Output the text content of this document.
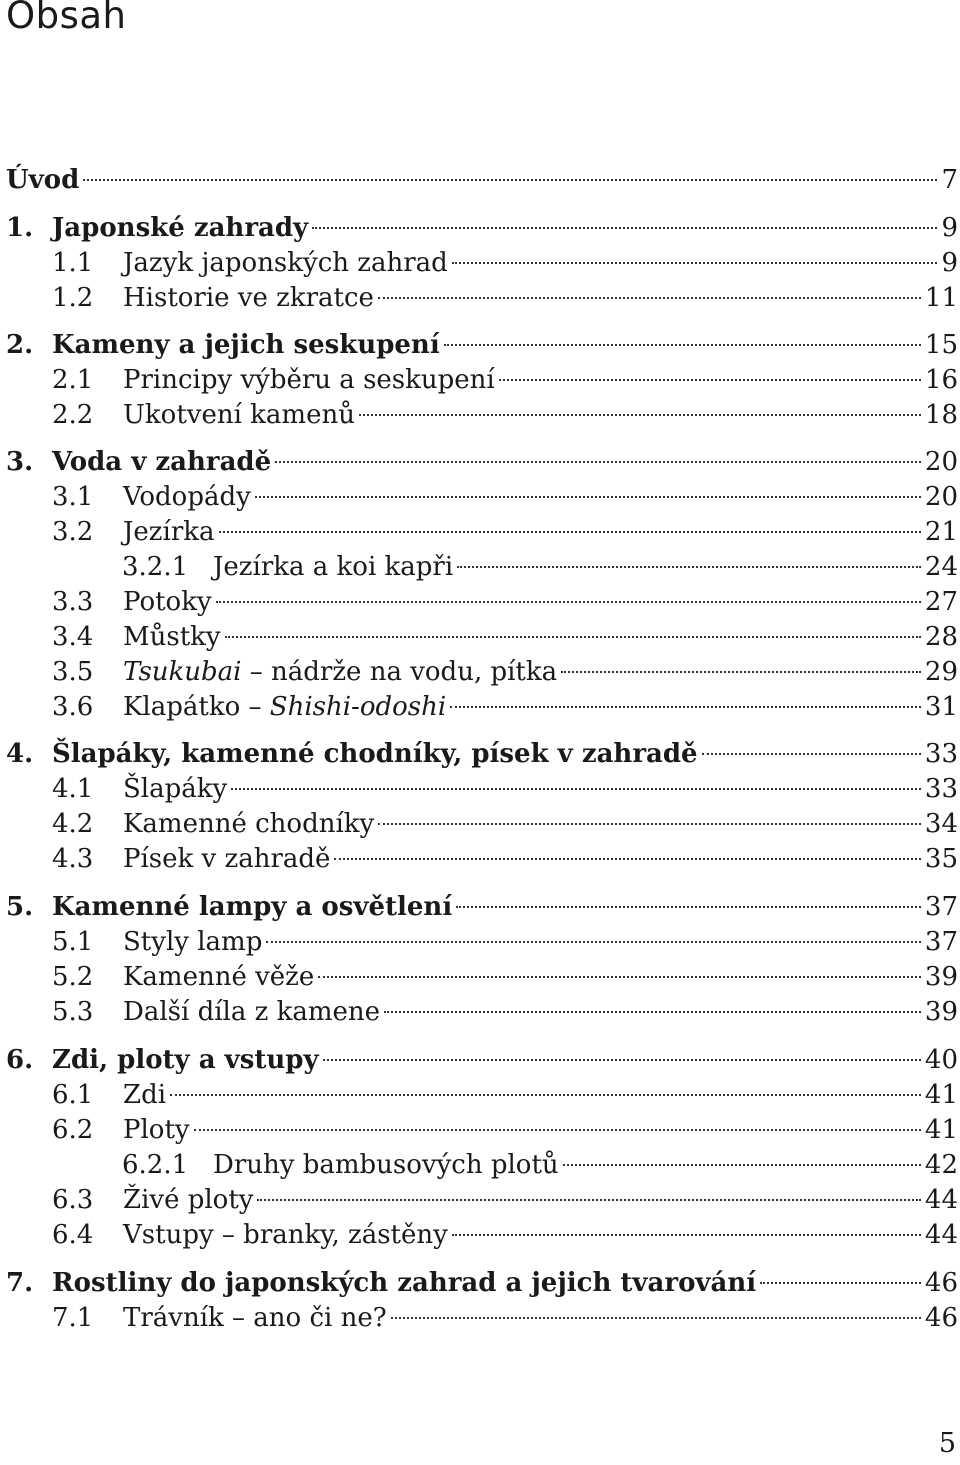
Obsah
Úvod	7
1. Japonské zahrady	9
1.1 Jazyk japonských zahrad	9
1.2 Historie ve zkratce	11
2. Kameny a jejich seskupení	15
2.1 Principy výběru a seskupení	16
2.2 Ukotvení kamenů	18
3. Voda v zahradě	20
3.1 Vodopády	20
3.2 Jezírka	21
3.2.1 Jezírka a koi kapři	24
3.3 Potoky	27
3.4 Můstky	28
3.5 Tsukubai – nádrže na vodu, pítka	29
3.6 Klapátko – Shishi-odoshi	31
4. Šlapáky, kamenné chodníky, písek v zahradě	33
4.1 Šlapáky	33
4.2 Kamenné chodníky	34
4.3 Písek v zahradě	35
5. Kamenné lampy a osvětlení	37
5.1 Styly lamp	37
5.2 Kamenné věže	39
5.3 Další díla z kamene	39
6. Zdi, ploty a vstupy	40
6.1 Zdi	41
6.2 Ploty	41
6.2.1 Druhy bambusových plotů	42
6.3 Živé ploty	44
6.4 Vstupy – branky, zástěny	44
7. Rostliny do japonských zahrad a jejich tvarování	46
7.1 Trávník – ano či ne?	46
5
